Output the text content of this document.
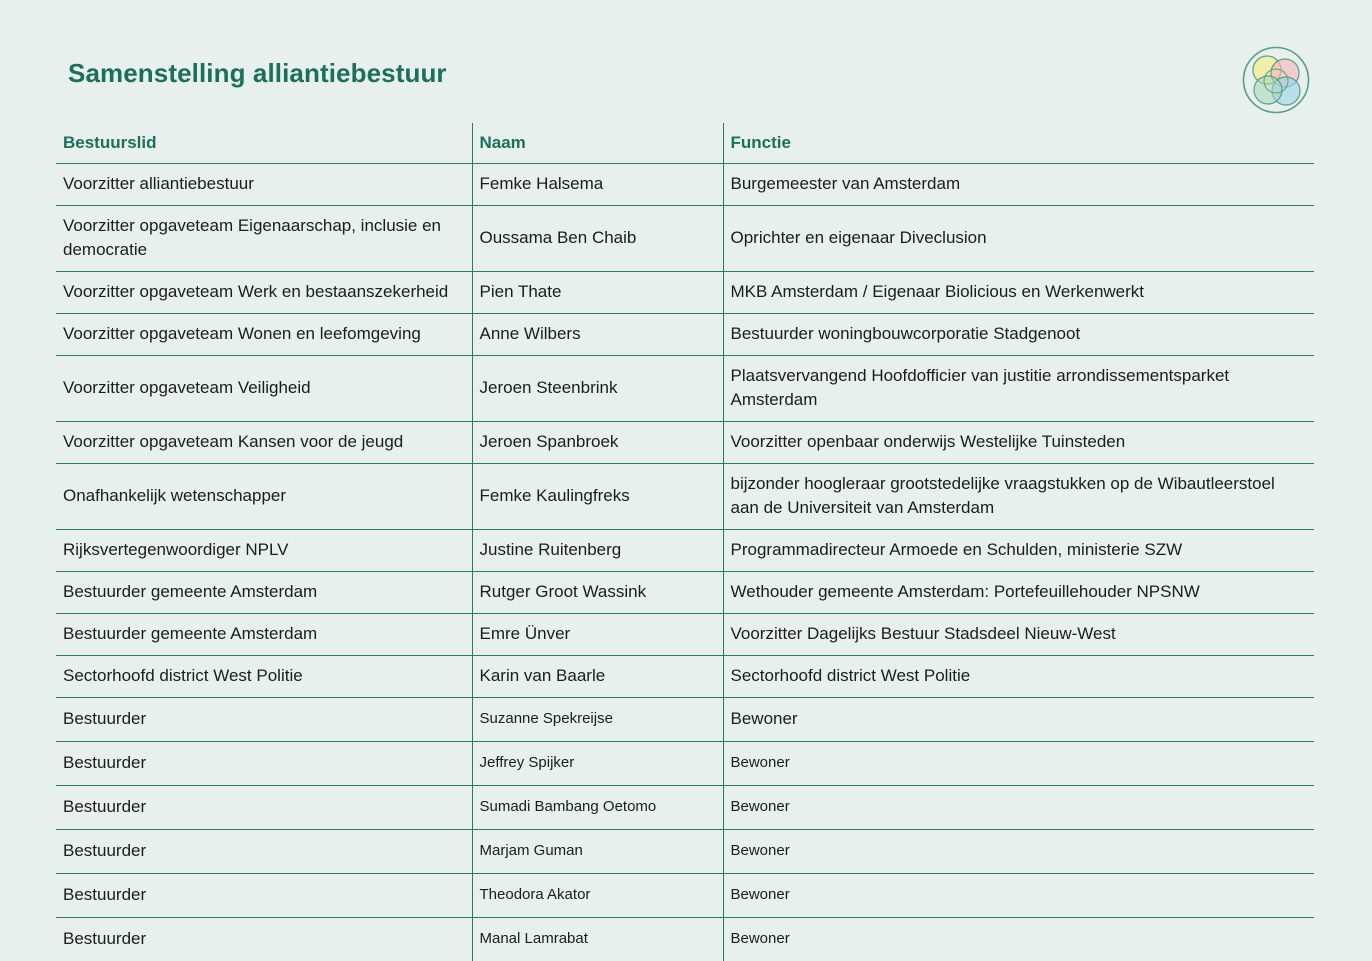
Samenstelling alliantiebestuur
Bestuurslid	Naam	Functie
Voorzitter alliantiebestuur	Femke Halsema	Burgemeester van Amsterdam
Voorzitter opgaveteam Eigenaarschap, inclusie en democratie	Oussama Ben Chaib	Oprichter en eigenaar Diveclusion
Voorzitter opgaveteam Werk en bestaanszekerheid	Pien Thate	MKB Amsterdam / Eigenaar Biolicious en Werkenwerkt
Voorzitter opgaveteam Wonen en leefomgeving	Anne Wilbers	Bestuurder woningbouwcorporatie Stadgenoot
Voorzitter opgaveteam Veiligheid	Jeroen Steenbrink	Plaatsvervangend Hoofdofficier van justitie arrondissementsparket Amsterdam
Voorzitter opgaveteam Kansen voor de jeugd	Jeroen Spanbroek	Voorzitter openbaar onderwijs Westelijke Tuinsteden
Onafhankelijk wetenschapper	Femke Kaulingfreks	bijzonder hoogleraar grootstedelijke vraagstukken op de Wibautleerstoel aan de Universiteit van Amsterdam
Rijksvertegenwoordiger NPLV	Justine Ruitenberg	Programmadirecteur Armoede en Schulden, ministerie SZW
Bestuurder gemeente Amsterdam	Rutger Groot Wassink	Wethouder gemeente Amsterdam: Portefeuillehouder NPSNW
Bestuurder gemeente Amsterdam	Emre Ünver	Voorzitter Dagelijks Bestuur Stadsdeel Nieuw-West
Sectorhoofd district West Politie	Karin van Baarle	Sectorhoofd district West Politie
Bestuurder	Suzanne Spekreijse	Bewoner
Bestuurder	Jeffrey Spijker	Bewoner
Bestuurder	Sumadi Bambang Oetomo	Bewoner
Bestuurder	Marjam Guman	Bewoner
Bestuurder	Theodora Akator	Bewoner
Bestuurder	Manal Lamrabat	Bewoner
